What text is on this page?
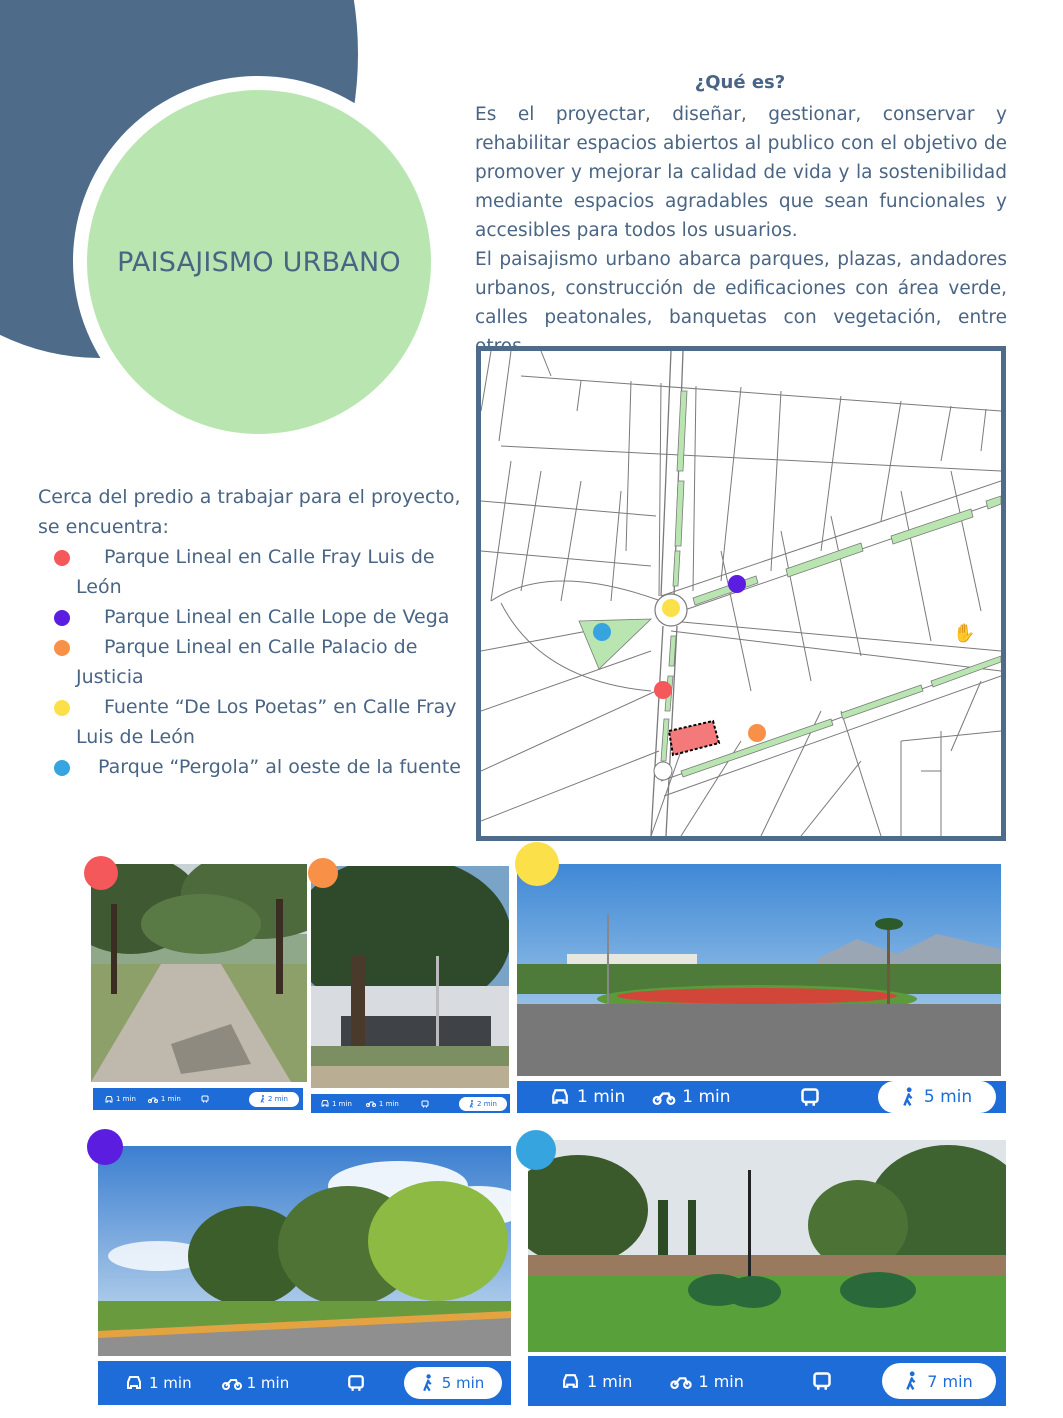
PAISAJISMO URBANO
¿Qué es?

Es el proyectar, diseñar, gestionar, conservar y rehabilitar espacios abiertos al publico con el objetivo de promover y mejorar la calidad de vida y la sostenibilidad mediante espacios agradables que sean funcionales y accesibles para todos los usuarios.

El paisajismo urbano abarca parques, plazas, andadores urbanos, construcción de edificaciones con área verde, calles peatonales, banquetas con vegetación, entre

✋
Cerca del predio a trabajar para el proyecto, se encuentra:
Parque Lineal en Calle Fray Luis de León
Parque Lineal en Calle Lope de Vega
Parque Lineal en Calle Palacio de Justicia
Fuente “De Los Poetas” en Calle Fray Luis de León
Parque “Pergola” al oeste de la fuente
1 min	1 min	2 min
1 min	1 min	2 min	1 min	1 min	5 min
1 min	1 min	5 min	1 min	1 min	7 min
